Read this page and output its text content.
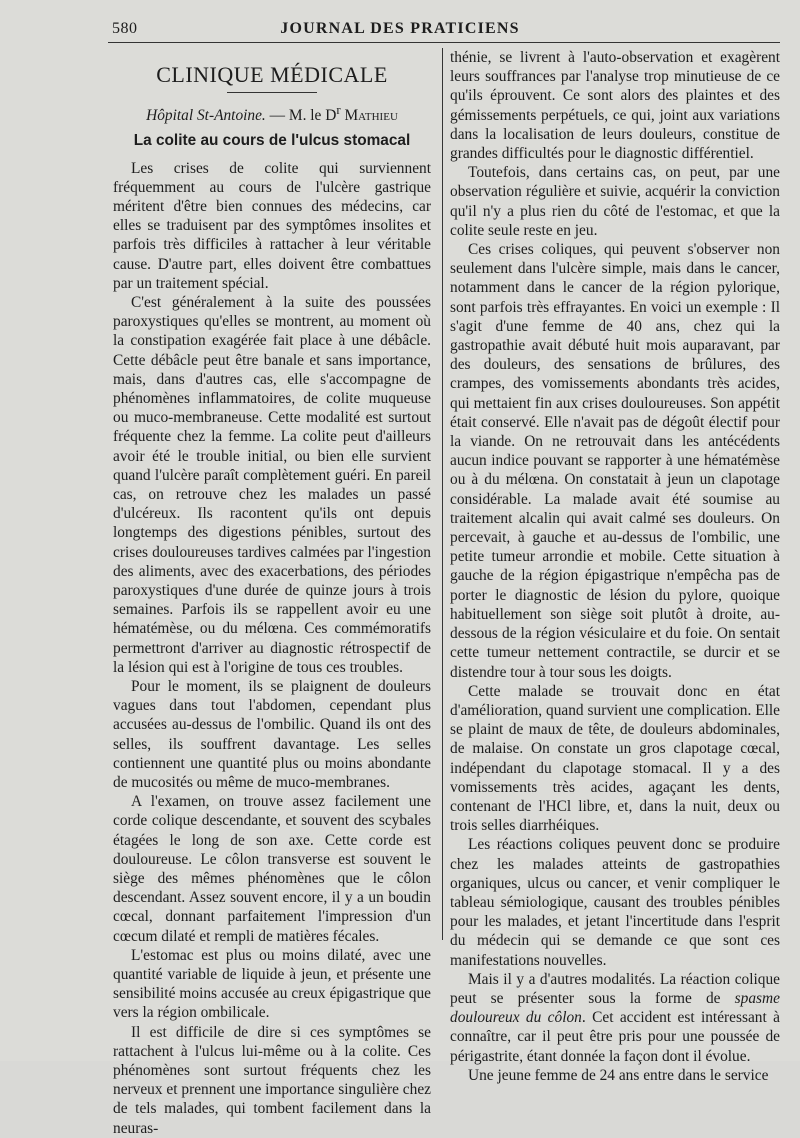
580	JOURNAL DES PRATICIENS
CLINIQUE MÉDICALE
Hôpital St-Antoine. — M. le $D^r$ Mathieu
La colite au cours de l'ulcus stomacal

Les crises de colite qui surviennent fréquemment au cours de l'ulcère gastrique méritent d'être bien connues des médecins, car elles se traduisent par des symptômes insolites et parfois très difficiles à rattacher à leur véritable cause. D'autre part, elles doivent être combattues par un traitement spécial.

C'est généralement à la suite des poussées paroxystiques qu'elles se montrent, au moment où la constipation exagérée fait place à une débâcle. Cette débâcle peut être banale et sans importance, mais, dans d'autres cas, elle s'accompagne de phénomènes inflammatoires, de colite muqueuse ou muco-membraneuse. Cette modalité est surtout fréquente chez la femme. La colite peut d'ailleurs avoir été le trouble initial, ou bien elle survient quand l'ulcère paraît complètement guéri. En pareil cas, on retrouve chez les malades un passé d'ulcéreux. Ils racontent qu'ils ont depuis longtemps des digestions pénibles, surtout des crises douloureuses tardives calmées par l'ingestion des aliments, avec des exacerbations, des périodes paroxystiques d'une durée de quinze jours à trois semaines. Parfois ils se rappellent avoir eu une hématémèse, ou du mélœna. Ces commémoratifs permettront d'arriver au diagnostic rétrospectif de la lésion qui est à l'origine de tous ces troubles.

Pour le moment, ils se plaignent de douleurs vagues dans tout l'abdomen, cependant plus accusées au-dessus de l'ombilic. Quand ils ont des selles, ils souffrent davantage. Les selles contiennent une quantité plus ou moins abondante de mucosités ou même de muco-membranes.

A l'examen, on trouve assez facilement une corde colique descendante, et souvent des scybales étagées le long de son axe. Cette corde est douloureuse. Le côlon transverse est souvent le siège des mêmes phénomènes que le côlon descendant. Assez souvent encore, il y a un boudin cœcal, donnant parfaitement l'impression d'un cœcum dilaté et rempli de matières fécales.

L'estomac est plus ou moins dilaté, avec une quantité variable de liquide à jeun, et présente une sensibilité moins accusée au creux épigastrique que vers la région ombilicale.

Il est difficile de dire si ces symptômes se rattachent à l'ulcus lui-même ou à la colite. Ces phénomènes sont surtout fréquents chez les nerveux et prennent une importance singulière chez de tels malades, qui tombent facilement dans la neuras-

thénie, se livrent à l'auto-observation et exagèrent leurs souffrances par l'analyse trop minutieuse de ce qu'ils éprouvent. Ce sont alors des plaintes et des gémissements perpétuels, ce qui, joint aux variations dans la localisation de leurs douleurs, constitue de grandes difficultés pour le diagnostic différentiel.

Toutefois, dans certains cas, on peut, par une observation régulière et suivie, acquérir la conviction qu'il n'y a plus rien du côté de l'estomac, et que la colite seule reste en jeu.

Ces crises coliques, qui peuvent s'observer non seulement dans l'ulcère simple, mais dans le cancer, notamment dans le cancer de la région pylorique, sont parfois très effrayantes. En voici un exemple : Il s'agit d'une femme de 40 ans, chez qui la gastropathie avait débuté huit mois auparavant, par des douleurs, des sensations de brûlures, des crampes, des vomissements abondants très acides, qui mettaient fin aux crises douloureuses. Son appétit était conservé. Elle n'avait pas de dégoût électif pour la viande. On ne retrouvait dans les antécédents aucun indice pouvant se rapporter à une hématémèse ou à du mélœna. On constatait à jeun un clapotage considérable. La malade avait été soumise au traitement alcalin qui avait calmé ses douleurs. On percevait, à gauche et au-dessus de l'ombilic, une petite tumeur arrondie et mobile. Cette situation à gauche de la région épigastrique n'empêcha pas de porter le diagnostic de lésion du pylore, quoique habituellement son siège soit plutôt à droite, au-dessous de la région vésiculaire et du foie. On sentait cette tumeur nettement contractile, se durcir et se distendre tour à tour sous les doigts.

Cette malade se trouvait donc en état d'amélioration, quand survient une complication. Elle se plaint de maux de tête, de douleurs abdominales, de malaise. On constate un gros clapotage cœcal, indépendant du clapotage stomacal. Il y a des vomissements très acides, agaçant les dents, contenant de l'HCl libre, et, dans la nuit, deux ou trois selles diarrhéiques.

Les réactions coliques peuvent donc se produire chez les malades atteints de gastropathies organiques, ulcus ou cancer, et venir compliquer le tableau sémiologique, causant des troubles pénibles pour les malades, et jetant l'incertitude dans l'esprit du médecin qui se demande ce que sont ces manifestations nouvelles.

Mais il y a d'autres modalités. La réaction colique peut se présenter sous la forme de spasme douloureux du côlon. Cet accident est intéressant à connaître, car il peut être pris pour une poussée de périgastrite, étant donnée la façon dont il évolue.

Une jeune femme de 24 ans entre dans le service
